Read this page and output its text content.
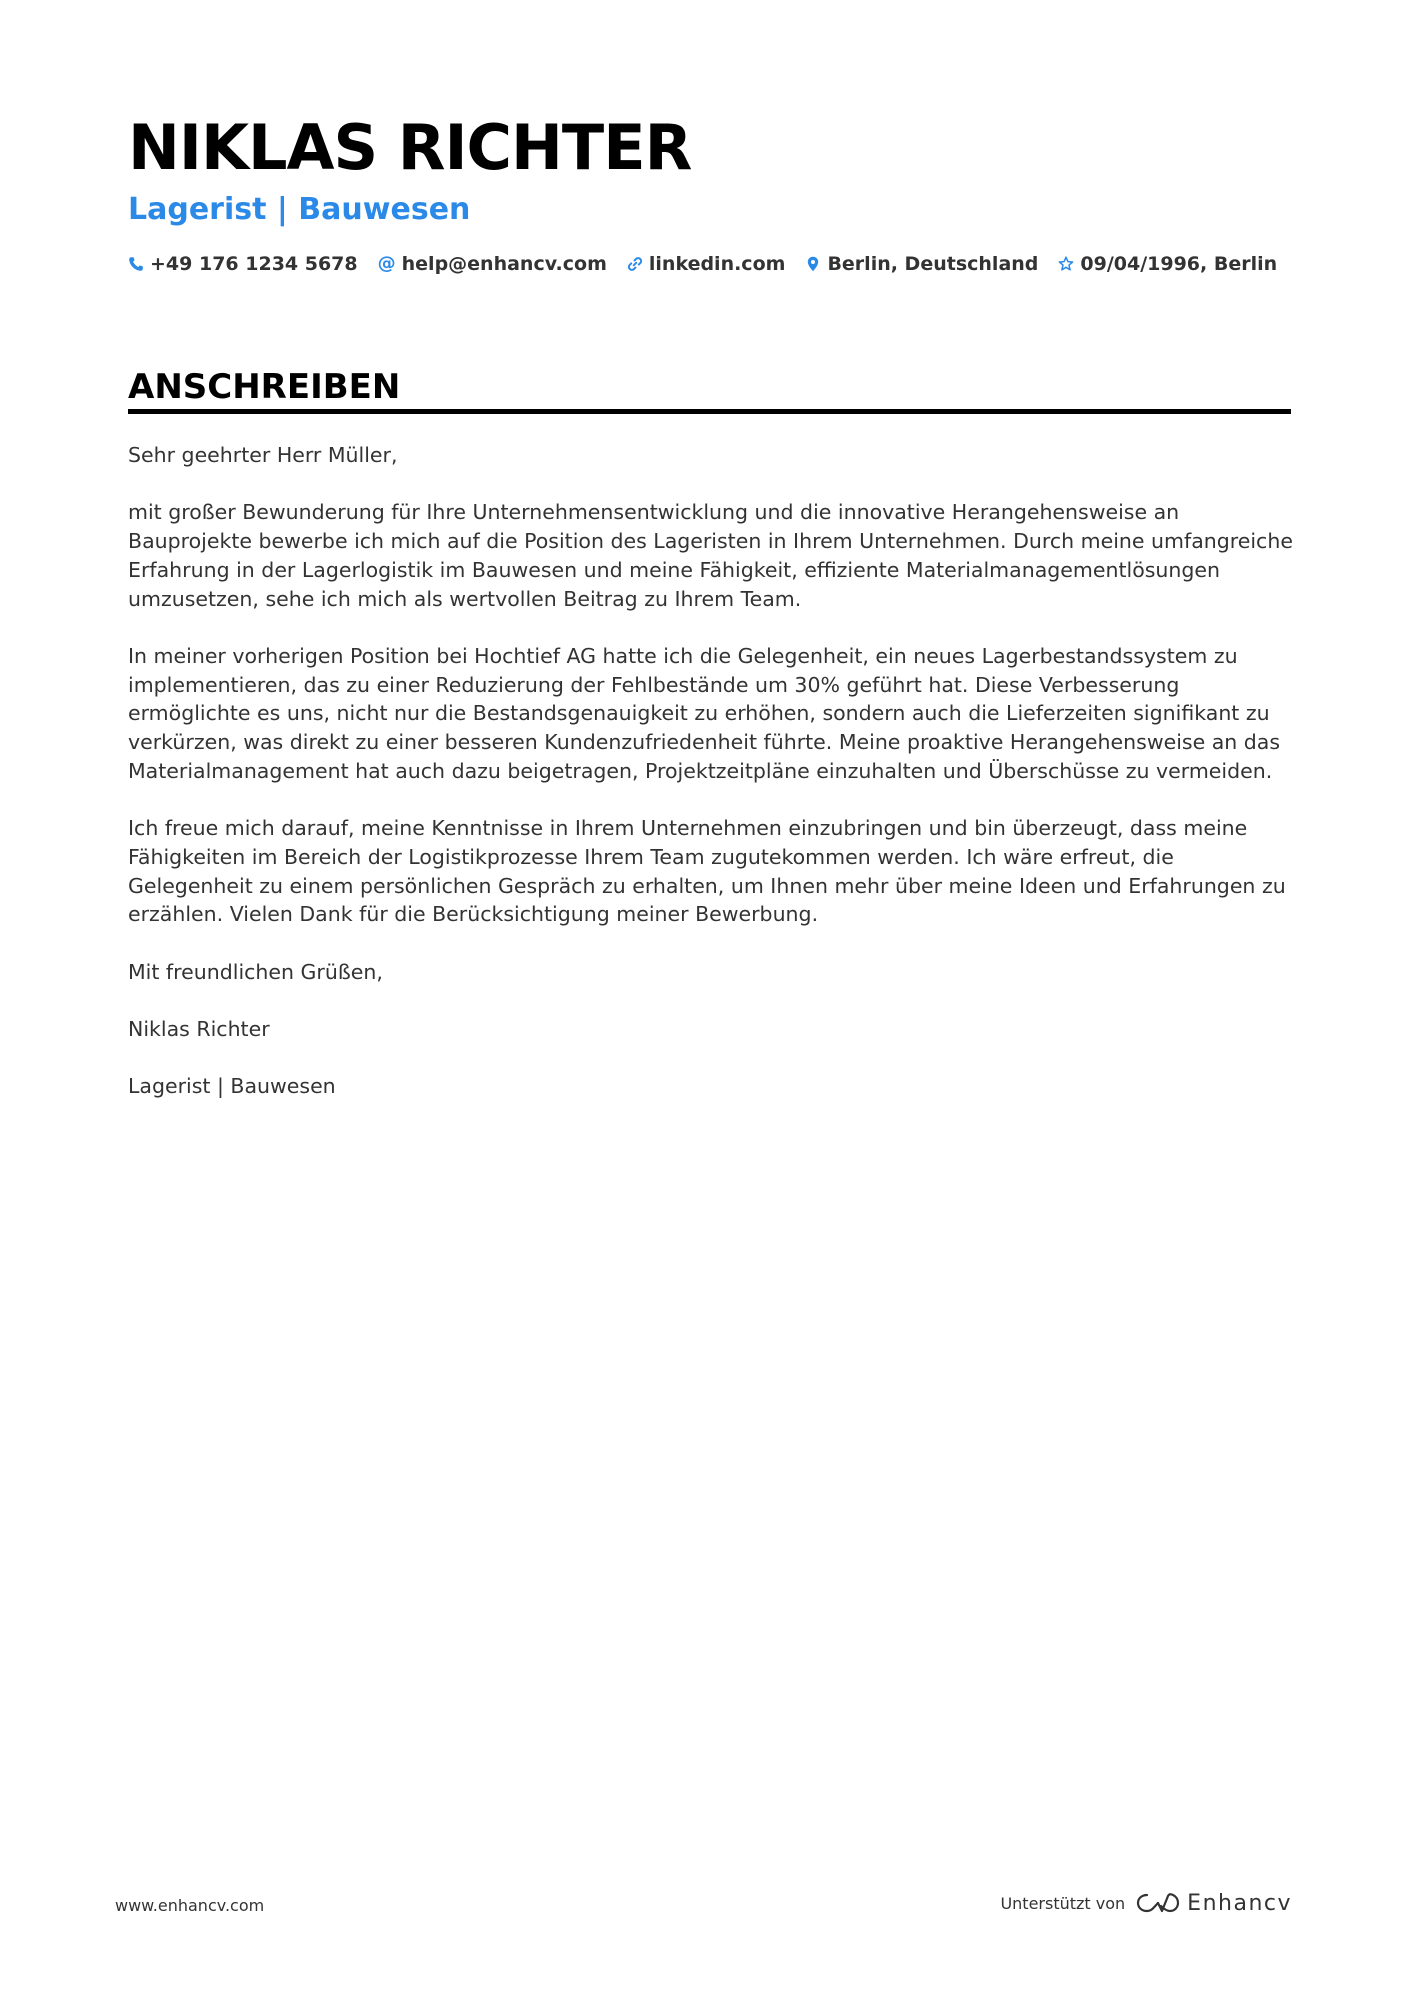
NIKLAS RICHTER
Lagerist | Bauwesen
+49 176 1234 5678 @ help@enhancv.com linkedin.com Berlin, Deutschland 09/04/1996, Berlin
ANSCHREIBEN

Sehr geehrter Herr Müller,

mit großer Bewunderung für Ihre Unternehmensentwicklung und die innovative Herangehensweise an Bauprojekte bewerbe ich mich auf die Position des Lageristen in Ihrem Unternehmen. Durch meine umfangreiche Erfahrung in der Lagerlogistik im Bauwesen und meine Fähigkeit, effiziente Materialmanagementlösungen umzusetzen, sehe ich mich als wertvollen Beitrag zu Ihrem Team.

In meiner vorherigen Position bei Hochtief AG hatte ich die Gelegenheit, ein neues Lagerbestandssystem zu implementieren, das zu einer Reduzierung der Fehlbestände um 30% geführt hat. Diese Verbesserung ermöglichte es uns, nicht nur die Bestandsgenauigkeit zu erhöhen, sondern auch die Lieferzeiten signifikant zu verkürzen, was direkt zu einer besseren Kundenzufriedenheit führte. Meine proaktive Herangehensweise an das Materialmanagement hat auch dazu beigetragen, Projektzeitpläne einzuhalten und Überschüsse zu vermeiden.

Ich freue mich darauf, meine Kenntnisse in Ihrem Unternehmen einzubringen und bin überzeugt, dass meine Fähigkeiten im Bereich der Logistikprozesse Ihrem Team zugutekommen werden. Ich wäre erfreut, die Gelegenheit zu einem persönlichen Gespräch zu erhalten, um Ihnen mehr über meine Ideen und Erfahrungen zu erzählen. Vielen Dank für die Berücksichtigung meiner Bewerbung.

Mit freundlichen Grüßen,

Niklas Richter

Lagerist | Bauwesen

www.enhancv.com	Unterstützt von	Enhancv
